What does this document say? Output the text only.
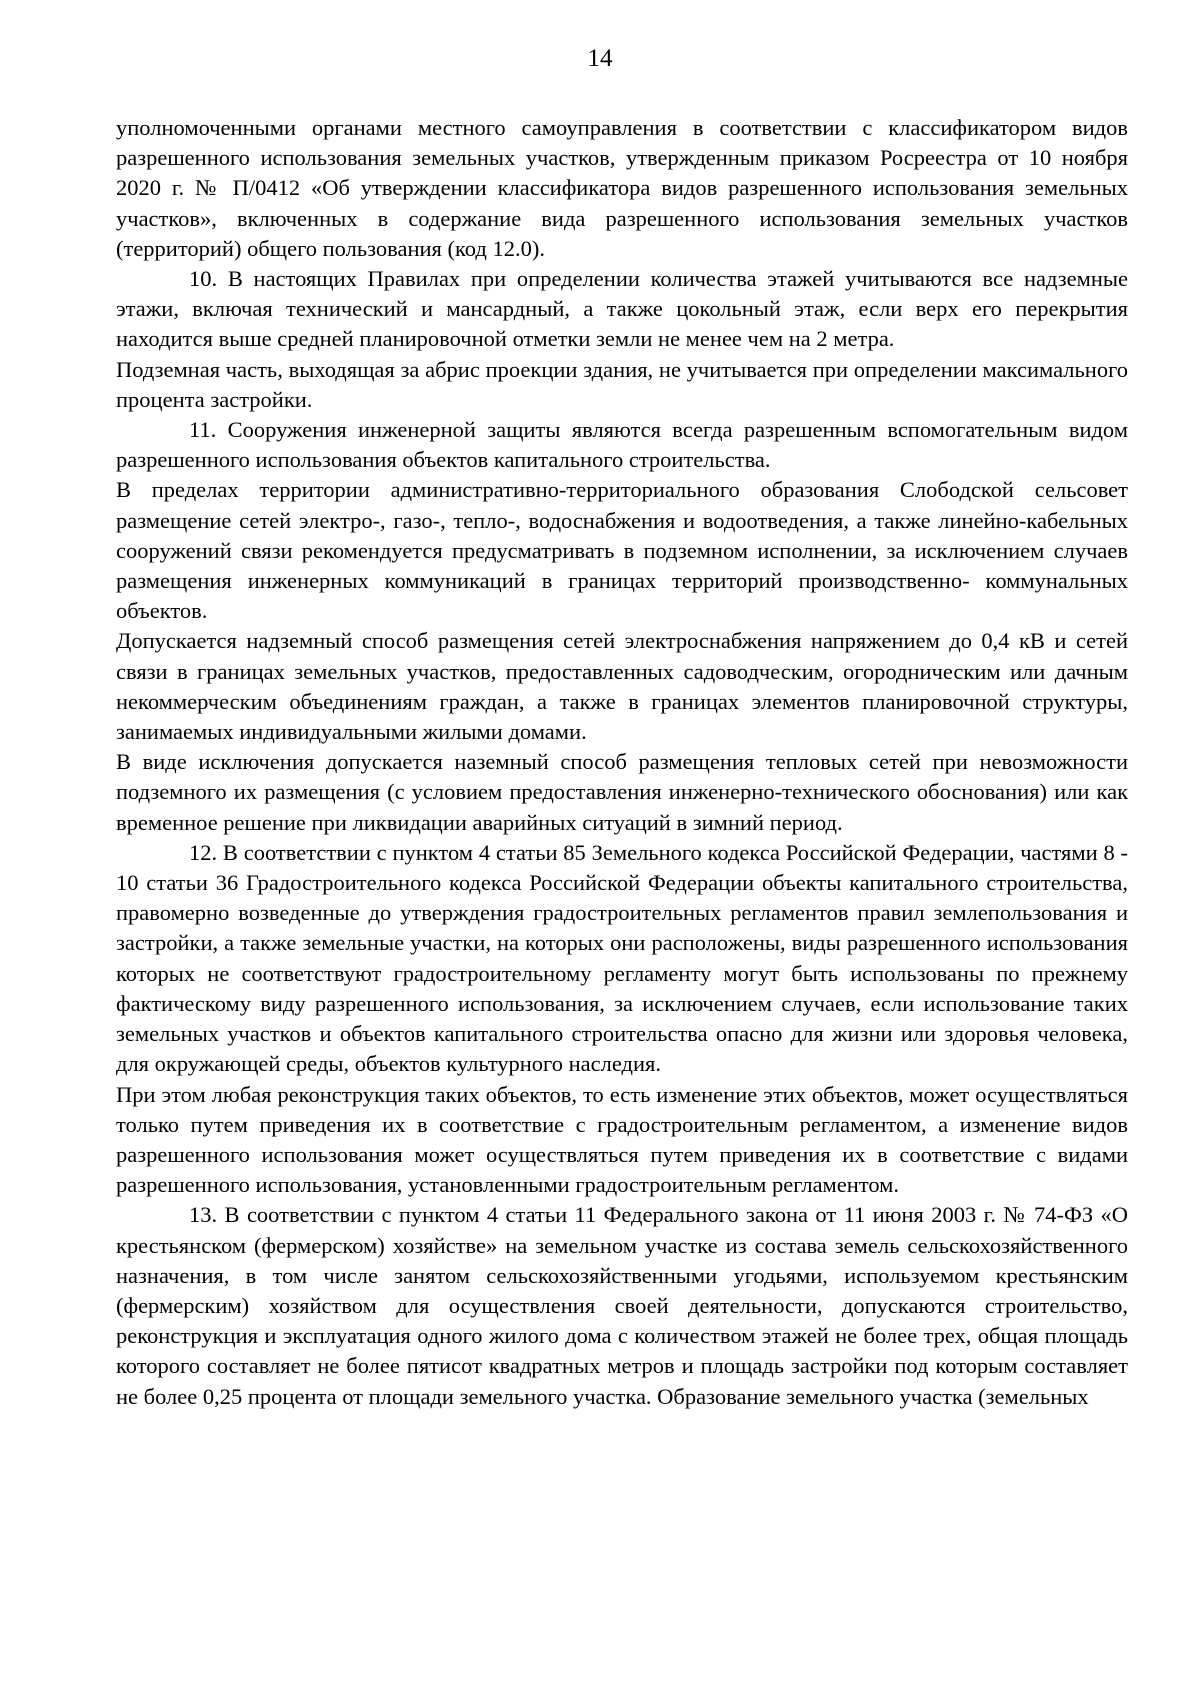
14

уполномоченными органами местного самоуправления в соответствии с классификатором видов разрешенного использования земельных участков, утвержденным приказом Росреестра от 10 ноября 2020 г. № П/0412 «Об утверждении классификатора видов разрешенного использования земельных участков», включенных в содержание вида разрешенного использования земельных участков (территорий) общего пользования (код 12.0).

10. В настоящих Правилах при определении количества этажей учитываются все надземные этажи, включая технический и мансардный, а также цокольный этаж, если верх его перекрытия находится выше средней планировочной отметки земли не менее чем на 2 метра.

Подземная часть, выходящая за абрис проекции здания, не учитывается при определении максимального процента застройки.

11. Сооружения инженерной защиты являются всегда разрешенным вспомогательным видом разрешенного использования объектов капитального строительства.

В пределах территории административно-территориального образования Слободской сельсовет размещение сетей электро-, газо-, тепло-, водоснабжения и водоотведения, а также линейно-кабельных сооружений связи рекомендуется предусматривать в подземном исполнении, за исключением случаев размещения инженерных коммуникаций в границах территорий производственно- коммунальных объектов.

Допускается надземный способ размещения сетей электроснабжения напряжением до 0,4 кВ и сетей связи в границах земельных участков, предоставленных садоводческим, огородническим или дачным некоммерческим объединениям граждан, а также в границах элементов планировочной структуры, занимаемых индивидуальными жилыми домами.

В виде исключения допускается наземный способ размещения тепловых сетей при невозможности подземного их размещения (с условием предоставления инженерно-технического обоснования) или как временное решение при ликвидации аварийных ситуаций в зимний период.

12. В соответствии с пунктом 4 статьи 85 Земельного кодекса Российской Федерации, частями 8 - 10 статьи 36 Градостроительного кодекса Российской Федерации объекты капитального строительства, правомерно возведенные до утверждения градостроительных регламентов правил землепользования и застройки, а также земельные участки, на которых они расположены, виды разрешенного использования которых не соответствуют градостроительному регламенту могут быть использованы по прежнему фактическому виду разрешенного использования, за исключением случаев, если использование таких земельных участков и объектов капитального строительства опасно для жизни или здоровья человека, для окружающей среды, объектов культурного наследия.

При этом любая реконструкция таких объектов, то есть изменение этих объектов, может осуществляться только путем приведения их в соответствие с градостроительным регламентом, а изменение видов разрешенного использования может осуществляться путем приведения их в соответствие с видами разрешенного использования, установленными градостроительным регламентом.

13. В соответствии с пунктом 4 статьи 11 Федерального закона от 11 июня 2003 г. № 74-ФЗ «О крестьянском (фермерском) хозяйстве» на земельном участке из состава земель сельскохозяйственного назначения, в том числе занятом сельскохозяйственными угодьями, используемом крестьянским (фермерским) хозяйством для осуществления своей деятельности, допускаются строительство, реконструкция и эксплуатация одного жилого дома с количеством этажей не более трех, общая площадь которого составляет не более пятисот квадратных метров и площадь застройки под которым составляет не более 0,25 процента от площади земельного участка. Образование земельного участка (земельных
